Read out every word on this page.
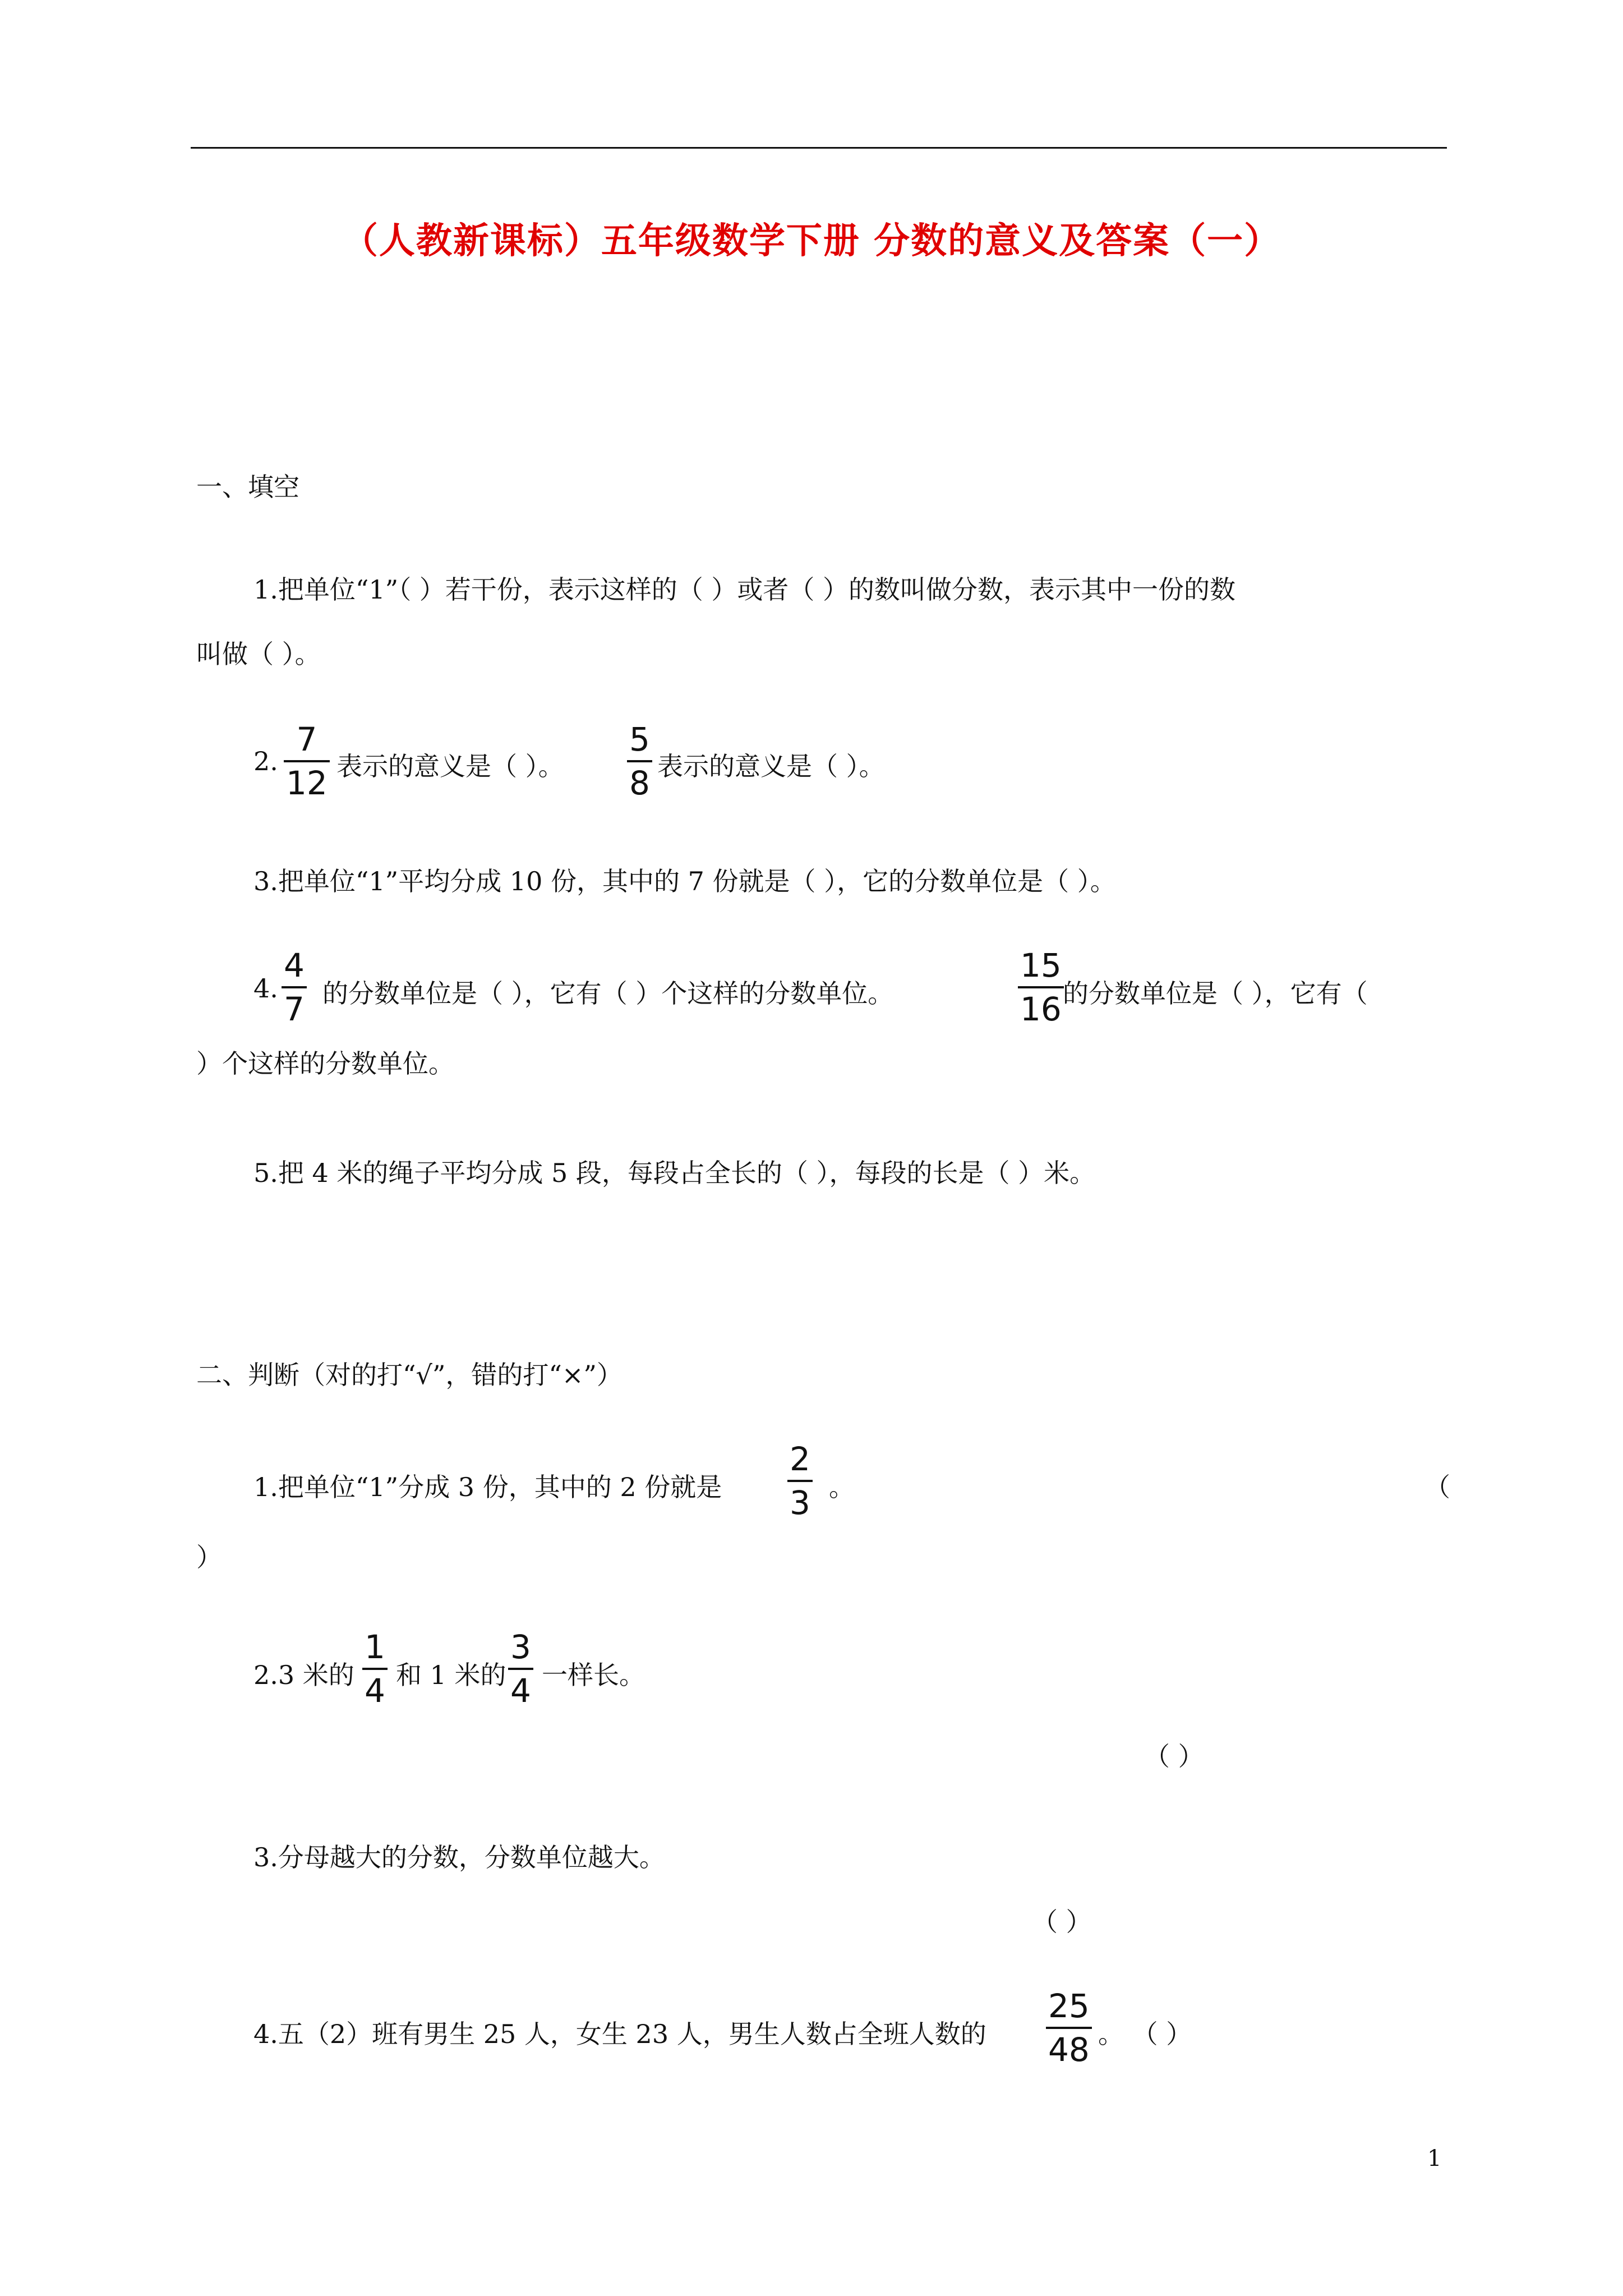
（人教新课标）五年级数学下册 分数的意义及答案（一）
一、填空
1.把单位“1”（ ）若干份，表示这样的（ ）或者（ ）的数叫做分数，表示其中一份的数
叫做（ ）。
2.
7
12 表示的意义是（ ）。
5
8 表示的意义是（ ）。
3.把单位“1”平均分成 10 份，其中的 7 份就是（ ），它的分数单位是（ ）。
4.
4
7 的分数单位是（ ），它有（ ）个这样的分数单位。
15
16 的分数单位是（ ），它有（
）个这样的分数单位。
5.把 4 米的绳子平均分成 5 段，每段占全长的（ ），每段的长是（ ）米。
二、判断（对的打“√”，错的打“×”）
1.把单位“1”分成 3 份，其中的 2 份就是
2
3 。	（
）
2.3 米的
1
4 和 1 米的
3
4 一样长。
（ ）
3.分母越大的分数，分数单位越大。
（ ）
4.五（2）班有男生 25 人，女生 23 人，男生人数占全班人数的
25
48 。 （ ）
1
